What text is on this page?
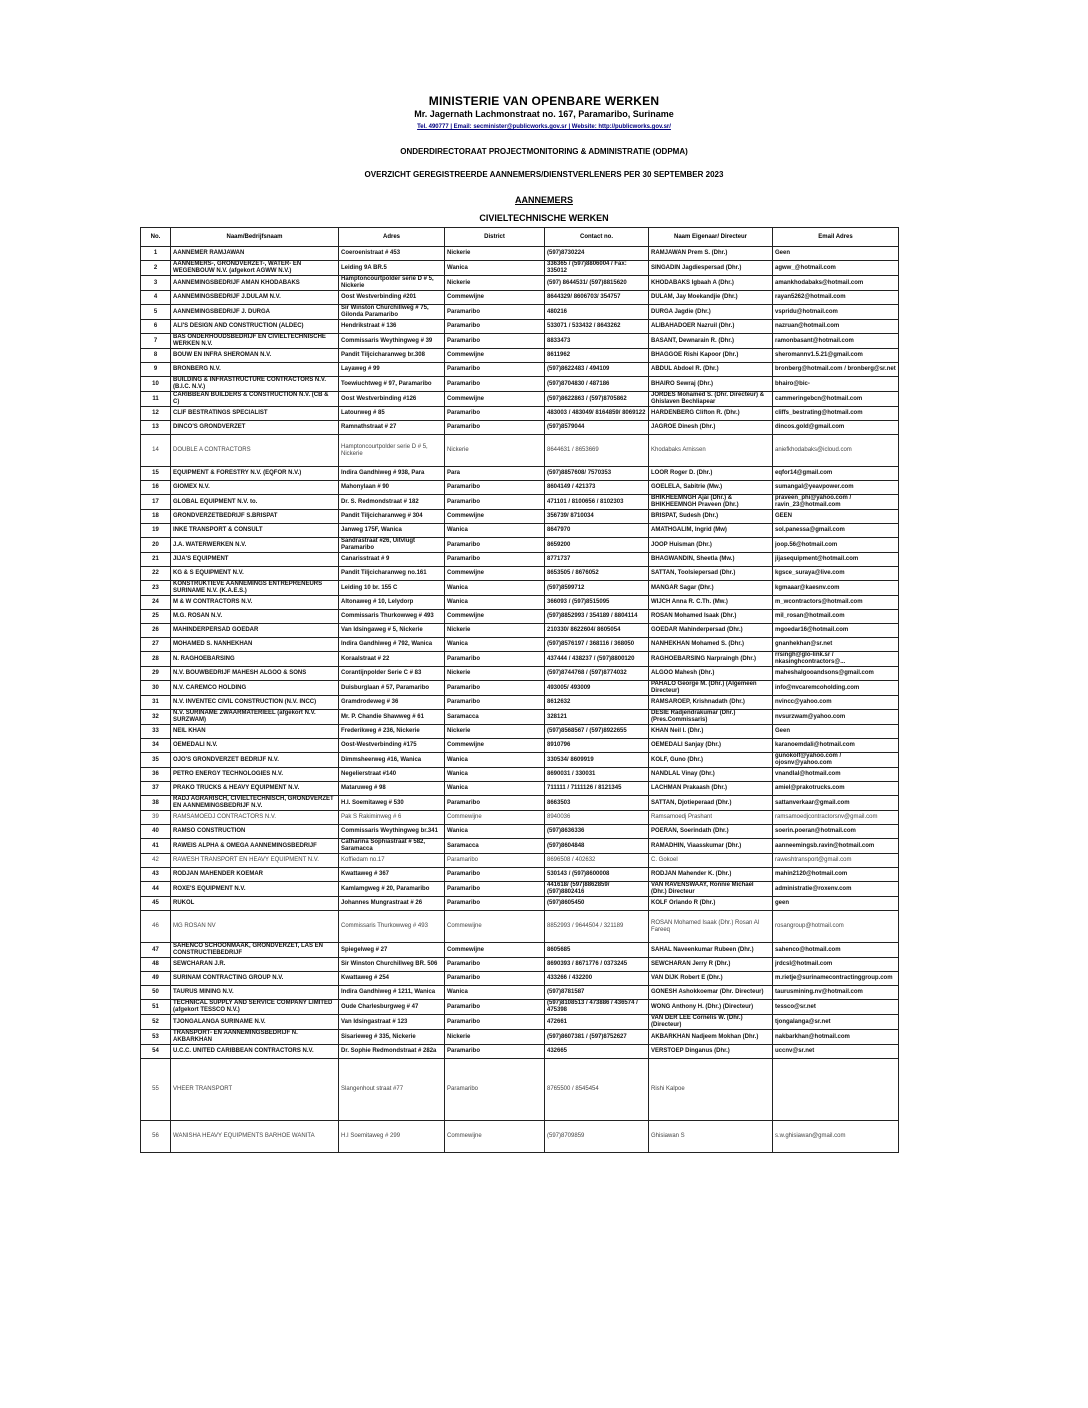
MINISTERIE VAN OPENBARE WERKEN
Mr. Jagernath Lachmonstraat no. 167, Paramaribo, Suriname
Tel. 490777 | Email: secminister@publicworks.gov.sr | Website: http://publicworks.gov.sr/
ONDERDIRECTORAAT PROJECTMONITORING & ADMINISTRATIE (ODPMA)
OVERZICHT GEREGISTREERDE AANNEMERS/DIENSTVERLENERS PER 30 SEPTEMBER 2023
AANNEMERS
CIVIELTECHNISCHE WERKEN
No.	Naam/Bedrijfsnaam	Adres	District	Contact no.	Naam Eigenaar/ Directeur	Email Adres
1	AANNEMER RAMJAWAN	Coeroenistraat # 453	Nickerie	(597)8730224	RAMJAWAN Prem S. (Dhr.)	Geen
2	AANNEMERS-, GRONDVERZET-, WATER- EN WEGENBOUW N.V. (afgekort AGWW N.V.)	Leiding 9A BR.5	Wanica	336365 / (597)8806004 / Fax: 335012	SINGADIN Jagdiespersad (Dhr.)	agww_@hotmail.com
3	AANNEMINGSBEDRIJF AMAN KHODABAKS	Hamptoncourtpolder serie D # 5, Nickerie	Nickerie	(597) 8644531/ (597)8815620	KHODABAKS Igbaah A (Dhr.)	amankhodabaks@hotmail.com
4	AANNEMINGSBEDRIJF J.DULAM N.V.	Oost Westverbinding #201	Commewijne	8644329/ 8606703/ 354757	DULAM, Jay Moekandjie (Dhr.)	rayan5262@hotmail.com
5	AANNEMINGSBEDRIJF J. DURGA	Sir Winston Churchillweg # 75, Gilonda Paramaribo	Paramaribo	480216	DURGA Jagdie (Dhr.)	vspridu@hotmail.com
6	ALI'S DESIGN AND CONSTRUCTION (ALDEC)	Hendrikstraat # 136	Paramaribo	533071 / 533432 / 8643262	ALIBAHADOER Nazruil (Dhr.)	nazruan@hotmail.com
7	BAS ONDERHOUDSBEDRIJF EN CIVIELTECHNISCHE WERKEN N.V.	Commissaris Weythingweg # 39	Paramaribo	8833473	BASANT, Dewnarain R. (Dhr.)	ramonbasant@hotmail.com
8	BOUW EN INFRA SHEROMAN N.V.	Pandit Tiljcicharanweg br.308	Commewijne	8611962	BHAGGOE Rishi Kapoor (Dhr.)	sheromannv1.5.21@gmail.com
9	BRONBERG N.V.	Layaweg # 99	Paramaribo	(597)8622483 / 494109	ABDUL Abdoel R. (Dhr.)	bronberg@hotmail.com / bronberg@sr.net
10	BUILDING & INFRASTRUCTURE CONTRACTORS N.V. (B.I.C. N.V.)	Toewiuchtweg # 97, Paramaribo	Paramaribo	(597)8704830 / 487186	BHAIRO Sewraj (Dhr.)	bhairo@bic-
11	CARIBBEAN BUILDERS & CONSTRUCTION N.V. (CB & C)	Oost Westverbinding #126	Commewijne	(597)8622863 / (597)8705862	JORDES Mohamed S. (Dhr. Directeur) & Ghislaven Bechliapear	cammeringebcn@hotmail.com
12	CLIF BESTRATINGS SPECIALIST	Latourweg # 85	Paramaribo	483003 / 483049/ 8164859/ 8069122	HARDENBERG Clifton R. (Dhr.)	cliffs_bestrating@hotmail.com
13	DINCO'S GRONDVERZET	Ramnathstraat # 27	Paramaribo	(597)8579044	JAGROE Dinesh (Dhr.)	dincos.gold@gmail.com
14	DOUBLE A CONTRACTORS	Hamptoncourtpolder serie D # 5, Nickerie	Nickerie	8644631 / 8653669	Khodabaks Arnissen	aniefkhodabaks@icloud.com
15	EQUIPMENT & FORESTRY N.V. (EQFOR N.V.)	Indira Gandhiweg # 938, Para	Para	(597)8857608/ 7570353	LOOR Roger D. (Dhr.)	eqfor14@gmail.com
16	GIOMEX N.V.	Mahonylaan # 90	Paramaribo	8604149 / 421373	GOELELA, Sabitrie (Mw.)	sumangal@yeavpower.com
17	GLOBAL EQUIPMENT N.V. to.	Dr. S. Redmondstraat # 182	Paramaribo	471101 / 8100656 / 8102303	BHIKHEEMNGH Ajai (Dhr.) & BHIKHEEMNGH Praveen (Dhr.)	praveen_phi@yahoo.com / ravin_23@hotmail.com
18	GRONDVERZETBEDRIJF S.BRISPAT	Pandit Tiljcicharanweg # 304	Commewijne	356739/ 8710034	BRISPAT, Sudesh (Dhr.)	GEEN
19	INKE TRANSPORT & CONSULT	Janweg 175F, Wanica	Wanica	8647970	AMATHGALIM, Ingrid (Mw)	sol.panessa@gmail.com
20	J.A. WATERWERKEN N.V.	Sandrastraat #26, Uitvlugt Paramaribo	Paramaribo	8659200	JOOP Huisman (Dhr.)	joop.56@hotmail.com
21	JIJA'S EQUIPMENT	Canarisstraat # 9	Paramaribo	8771737	BHAGWANDIN, Sheetla (Mw.)	jijasequipment@hotmail.com
22	KG & S EQUIPMENT N.V.	Pandit Tiljcicharanweg no.161	Commewijne	8653505 / 8676052	SATTAN, Toolsiepersad (Dhr.)	kgsce_suraya@live.com
23	KONSTRUKTIEVE AANNEMINGS ENTREPRENEURS SURINAME N.V. (K.A.E.S.)	Leiding 10 br. 155 C	Wanica	(597)8599712	MANGAR Sagar (Dhr.)	kgmaaar@kaesnv.com
24	M & W CONTRACTORS N.V.	Altonaweg # 10, Lelydorp	Wanica	366093 / (597)8515095	WIJCH Anna R. C.Th. (Mw.)	m_wcontractors@hotmail.com
25	M.G. ROSAN N.V.	Commissaris Thurkowweg # 493	Commewijne	(597)8852993 / 354189 / 8804114	ROSAN Mohamed Isaak (Dhr.)	mil_rosan@hotmail.com
26	MAHINDERPERSAD GOEDAR	Van Idsingaweg # 5, Nickerie	Nickerie	210330/ 8622604/ 8605054	GOEDAR Mahinderpersad (Dhr.)	mgoedar16@hotmail.com
27	MOHAMED S. NANHEKHAN	Indira Gandhiweg # 792, Wanica	Wanica	(597)8576197 / 368116 / 368050	NANHEKHAN Mohamed S. (Dhr.)	gnanhekhan@sr.net
28	N. RAGHOEBARSING	Koraalstraat # 22	Paramaribo	437444 / 438237 / (597)8800120	RAGHOEBARSING Narpraingh (Dhr.)	rrsingh@glo-link.sr / nkasinghcontractors@...
29	N.V. BOUWBEDRIJF MAHESH ALGOO & SONS	Corantijnpolder Serie C # 83	Nickerie	(597)8744768 / (597)8774032	ALGOO Mahesh (Dhr.)	maheshalgooandsons@gmail.com
30	N.V. CAREMCO HOLDING	Duisburglaan # 57, Paramaribo	Paramaribo	493005/ 493009	PAHALO George M. (Dhr.) (Algemeen Directeur)	info@nvcaremcoholding.com
31	N.V. INVENTEC CIVIL CONSTRUCTION (N.V. INCC)	Gramdrodeweg # 36	Paramaribo	8612632	RAMSAROEP, Krishnadath (Dhr.)	nvincc@yahoo.com
32	N.V. SURINAME ZWAARMATERIEEL (afgekort N.V. SURZWAM)	Mr. P. Chandie Shawweg # 61	Saramacca	328121	DESIE Radjendrakumar (Dhr.) (Pres.Commissaris)	nvsurzwam@yahoo.com
33	NEIL KHAN	Frederikweg # 236, Nickerie	Nickerie	(597)8568567 / (597)8922655	KHAN Neil I. (Dhr.)	Geen
34	OEMEDALI N.V.	Oost-Westverbinding #175	Commewijne	8910796	OEMEDALI Sanjay (Dhr.)	karanoemdali@hotmail.com
35	OJO'S GRONDVERZET BEDRIJF N.V.	Dimmsheerweg #16, Wanica	Wanica	330534/ 8609919	KOLF, Guno (Dhr.)	gunokolf@yahoo.com / ojosnv@yahoo.com
36	PETRO ENERGY TECHNOLOGIES N.V.	Negelierstraat #140	Wanica	8690031 / 330031	NANDLAL Vinay (Dhr.)	vnandlal@hotmail.com
37	PRAKO TRUCKS & HEAVY EQUIPMENT N.V.	Mataruweg # 98	Wanica	711111 / 7111126 / 8121345	LACHMAN Prakaash (Dhr.)	amiel@prakotrucks.com
38	RADJ AGRARISCH, CIVIELTECHNISCH, GRONDVERZET EN AANNEMINGSBEDRIJF N.V.	H.I. Soemitaweg # 530	Paramaribo	8663503	SATTAN, Djotieperaad (Dhr.)	sattanverkaar@gmail.com
39	RAMSAMOEDJ CONTRACTORS N.V.	Pak S Rakiminweg # 6	Commewijne	8940036	Ramsamoedj Prashant	ramsamoedjcontractorsnv@gmail.com
40	RAMSO CONSTRUCTION	Commissaris Weythingweg br.341	Wanica	(597)8636336	POERAN, Soerindath (Dhr.)	soerin.poeran@hotmail.com
41	RAWEIS ALPHA & OMEGA AANNEMINGSBEDRIJF	Catharina Sophiastraat # 582, Saramacca	Saramacca	(597)8604848	RAMADHIN, Viaasskumar (Dhr.)	aanneemingsb.ravin@hotmail.com
42	RAWESH TRANSPORT EN HEAVY EQUIPMENT N.V.	Koffiedam no.17	Paramaribo	8696508 / 402632	C. Gokoel	raweshtransport@gmail.com
43	RODJAN MAHENDER KOEMAR	Kwattaweg # 367	Paramaribo	530143 / (597)8600008	RODJAN Mahender K. (Dhr.)	mahin2120@hotmail.com
44	ROXE'S EQUIPMENT N.V.	Kamlamgweg # 20, Paramaribo	Paramaribo	441618/ (597)8862859/ (597)8802416	VAN RAVENSWAAY, Ronnie Michael (Dhr.) Directeur	administratie@roxenv.com
45	RUKOL	Johannes Mungrastraat # 26	Paramaribo	(597)8605450	KOLF Orlando R (Dhr.)	geen
46	MG ROSAN NV	Commissaris Thurkowweg # 493	Commewijne	8852993 / 9644504 / 321189	ROSAN Mohamed Isaak (Dhr.) Rosan Al Fareeq	rosangroup@hotmail.com
47	SAHENCO SCHOONMAAK, GRONDVERZET, LAS EN CONSTRUCTIEBEDRIJF	Spiegelweg # 27	Commewijne	8605685	SAHAL Naveenkumar Rubeen (Dhr.)	sahenco@hotmail.com
48	SEWCHARAN J.R.	Sir Winston Churchillweg BR. 506	Paramaribo	8690393 / 8671776 / 0373245	SEWCHARAN Jerry R (Dhr.)	jrdcsl@hotmail.com
49	SURINAM CONTRACTING GROUP N.V.	Kwattaweg # 254	Paramaribo	433266 / 432200	VAN DIJK Robert E (Dhr.)	m.rietje@surinamecontractinggroup.com
50	TAURUS MINING N.V.	Indira Gandhiweg # 1211, Wanica	Wanica	(597)8781587	GONESH Ashokkoemar (Dhr. Directeur)	taurusmining.nv@hotmail.com
51	TECHNICAL SUPPLY AND SERVICE COMPANY LIMITED (afgekort TESSCO N.V.)	Oude Charlesburgweg # 47	Paramaribo	(597)8108513 / 473886 / 436574 / 475398	WONG Anthony H. (Dhr.) (Directeur)	tessco@sr.net
52	TJONGALANGA SURINAME N.V.	Van Idsingastraat # 123	Paramaribo	472661	VAN DER LEE Cornelis W. (Dhr.) (Directeur)	tjongalanga@sr.net
53	TRANSPORT- EN AANNEMINGSBEDRIJF N. AKBARKHAN	Sisarieweg # 335, Nickerie	Nickerie	(597)8607381 / (597)8752627	AKBARKHAN Nadjeem Mokhan (Dhr.)	nakbarkhan@hotmail.com
54	U.C.C. UNITED CARIBBEAN CONTRACTORS N.V.	Dr. Sophie Redmondstraat # 282a	Paramaribo	432665	VERSTOEP Dinganus (Dhr.)	uccnv@sr.net
55	VHEER TRANSPORT	Slangenhout straat #77	Paramaribo	8765500 / 8545454	Rishi Kalpoe	
56	WANISHA HEAVY EQUIPMENTS BARHOE WANITA	H.I Soemitaweg # 299	Commewijne	(597)8709859	Ghisiawan S	s.w.ghisiawan@gmail.com
